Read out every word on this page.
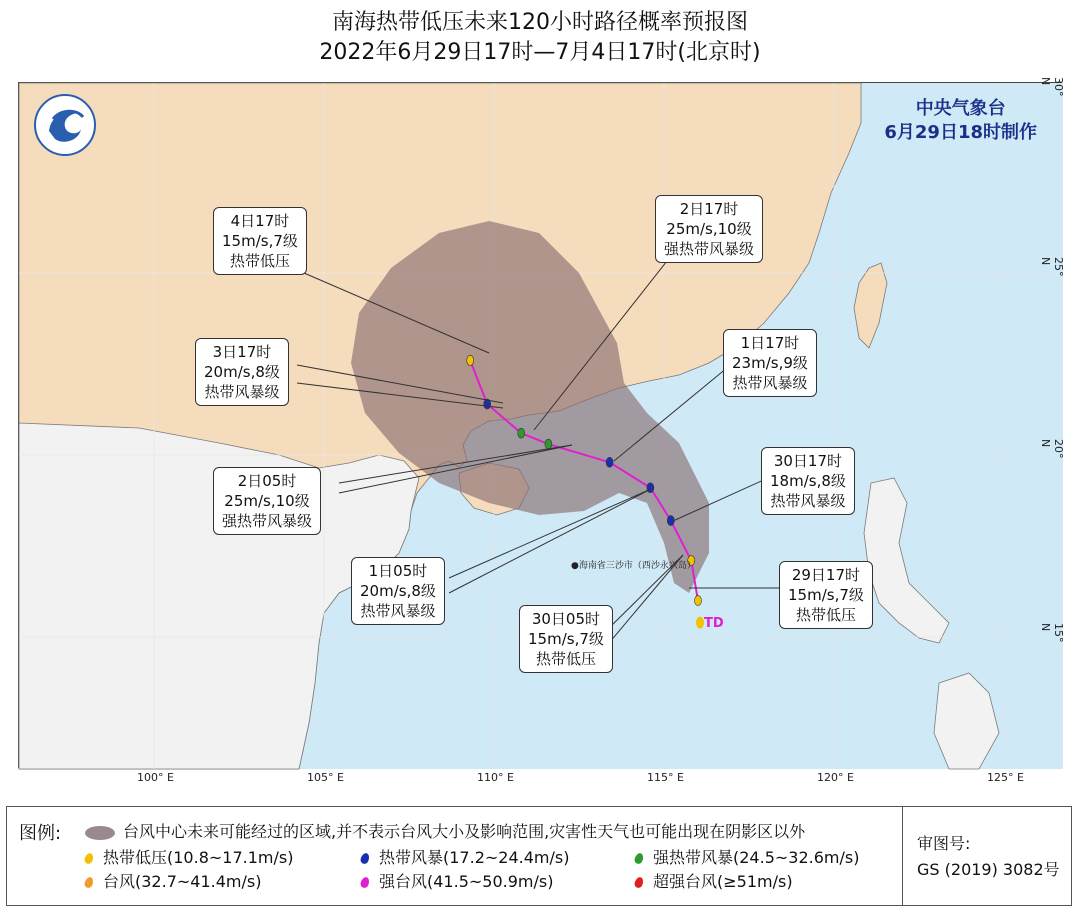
南海热带低压未来120小时路径概率预报图
2022年6月29日17时—7月4日17时(北京时)
中央气象台
6月29日18时制作
●海南省三沙市（西沙永兴岛）
TD
100° E	105° E	110° E	115° E	120° E	125° E
15° N
20° N
25° N
30° N
4日17时
15m/s,7级
热带低压
2日17时
25m/s,10级
强热带风暴级
3日17时
20m/s,8级
热带风暴级
1日17时
23m/s,9级
热带风暴级
30日17时
18m/s,8级
热带风暴级
2日05时
25m/s,10级
强热带风暴级
1日05时
20m/s,8级
热带风暴级
29日17时
15m/s,7级
热带低压
30日05时
15m/s,7级
热带低压
图例:	台风中心未来可能经过的区域,并不表示台风大小及影响范围,灾害性天气也可能出现在阴影区以外
热带低压(10.8~17.1m/s)	热带风暴(17.2~24.4m/s)	强热带风暴(24.5~32.6m/s)
台风(32.7~41.4m/s)	强台风(41.5~50.9m/s)	超强台风(≥51m/s)
审图号:
GS (2019) 3082号
